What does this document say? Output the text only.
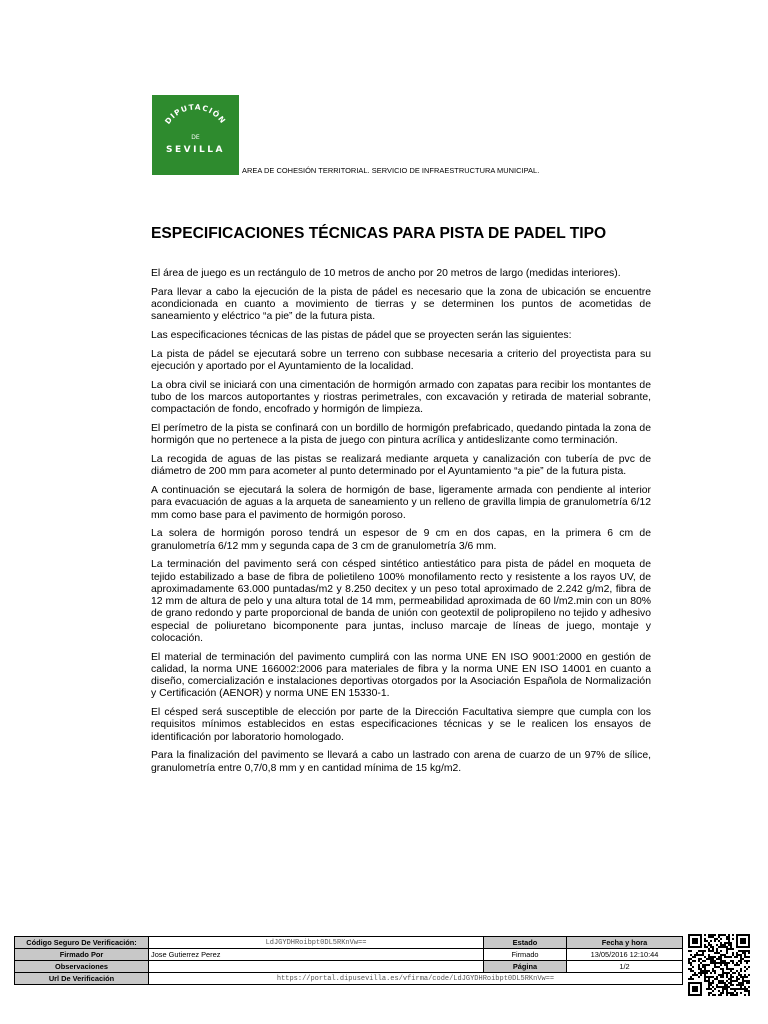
DIPUTACIÓN
DE
SEVILLA
AREA DE COHESIÓN TERRITORIAL. SERVICIO DE INFRAESTRUCTURA MUNICIPAL.
ESPECIFICACIONES TÉCNICAS PARA PISTA DE PADEL TIPO

El área de juego es un rectángulo de 10 metros de ancho por 20 metros de largo (medidas interiores).

Para llevar a cabo la ejecución de la pista de pádel es necesario que la zona de ubicación se encuentre acondicionada en cuanto a movimiento de tierras y se determinen los puntos de acometidas de saneamiento y eléctrico “a pie” de la futura pista.

Las especificaciones técnicas de las pistas de pádel que se proyecten serán las siguientes:

La pista de pádel se ejecutará sobre un terreno con subbase necesaria a criterio del proyectista para su ejecución y aportado por el Ayuntamiento de la localidad.

La obra civil se iniciará con una cimentación de hormigón armado con zapatas para recibir los montantes de tubo de los marcos autoportantes y riostras perimetrales, con excavación y retirada de material sobrante, compactación de fondo, encofrado y hormigón de limpieza.

El perímetro de la pista se confinará con un bordillo de hormigón prefabricado, quedando pintada la zona de hormigón que no pertenece a la pista de juego con pintura acrílica y antideslizante como terminación.

La recogida de aguas de las pistas se realizará mediante arqueta y canalización con tubería de pvc de diámetro de 200 mm para acometer al punto determinado por el Ayuntamiento “a pie” de la futura pista.

A continuación se ejecutará la solera de hormigón de base, ligeramente armada con pendiente al interior para evacuación de aguas a la arqueta de saneamiento y un relleno de gravilla limpia de granulometría 6/12 mm como base para el pavimento de hormigón poroso.

La solera de hormigón poroso tendrá un espesor de 9 cm en dos capas, en la primera 6 cm de granulometría 6/12 mm y segunda capa de 3 cm de granulometría 3/6 mm.

La terminación del pavimento será con césped sintético antiestático para pista de pádel en moqueta de tejido estabilizado a base de fibra de polietileno 100% monofilamento recto y resistente a los rayos UV, de aproximadamente 63.000 puntadas/m2 y 8.250 decitex y un peso total aproximado de 2.242 g/m2, fibra de 12 mm de altura de pelo y una altura total de 14 mm, permeabilidad aproximada de 60 l/m2.min con un 80% de grano redondo y parte proporcional de banda de unión con geotextil de polipropileno no tejido y adhesivo especial de poliuretano bicomponente para juntas, incluso marcaje de líneas de juego, montaje y colocación.

El material de terminación del pavimento cumplirá con las norma UNE EN ISO 9001:2000 en gestión de calidad, la norma UNE 166002:2006 para materiales de fibra y la norma UNE EN ISO 14001 en cuanto a diseño, comercialización e instalaciones deportivas otorgados por la Asociación Española de Normalización y Certificación (AENOR) y norma UNE EN 15330-1.

El césped será susceptible de elección por parte de la Dirección Facultativa siempre que cumpla con los requisitos mínimos establecidos en estas especificaciones técnicas y se le realicen los ensayos de identificación por laboratorio homologado.

Para la finalización del pavimento se llevará a cabo un lastrado con arena de cuarzo de un 97% de sílice, granulometría entre 0,7/0,8 mm y en cantidad mínima de 15 kg/m2.

Código Seguro De Verificación:	LdJGYDHRoibpt0DL5RKnVw==	Estado	Fecha y hora
Firmado Por	Jose Gutierrez Perez	Firmado	13/05/2016 12:10:44
Observaciones		Página	1/2
Url De Verificación	https://portal.dipusevilla.es/vfirma/code/LdJGYDHRoibpt0DL5RKnVw==		
